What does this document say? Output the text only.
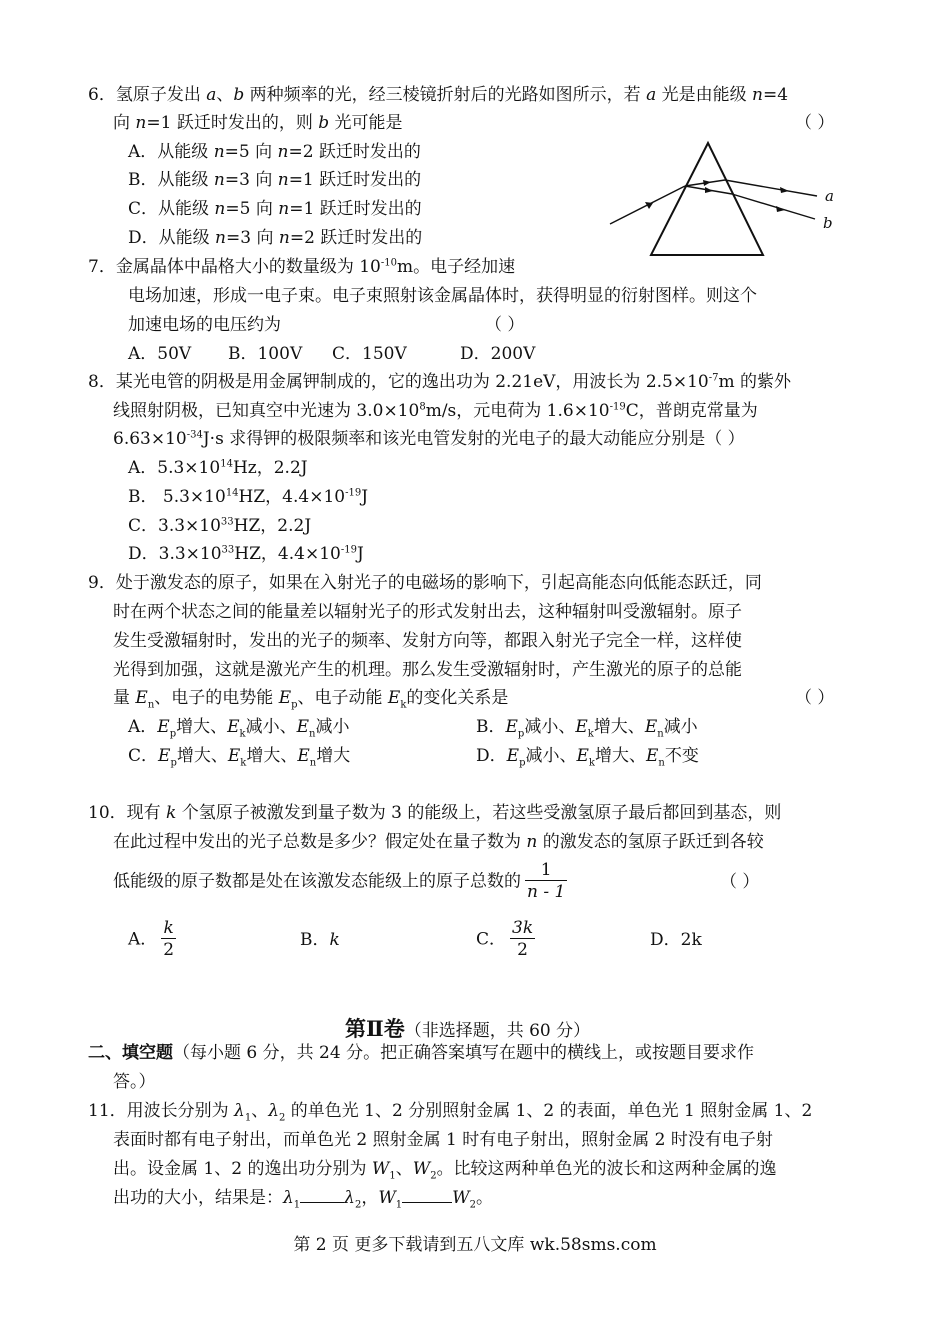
6．氢原子发出 a、b 两种频率的光，经三棱镜折射后的光路如图所示，若 a 光是由能级 n=4
向 n=1 跃迁时发出的，则 b 光可能是	（ ）
A．从能级 n=5 向 n=2 跃迁时发出的
B．从能级 n=3 向 n=1 跃迁时发出的
C．从能级 n=5 向 n=1 跃迁时发出的
D．从能级 n=3 向 n=2 跃迁时发出的
a
b
7．金属晶体中晶格大小的数量级为 $10^{-10}m$。电子经加速
电场加速，形成一电子束。电子束照射该金属晶体时，获得明显的衍射图样。则这个
加速电场的电压约为	（ ）
A．50V B．100V C．150V	D．200V
8．某光电管的阴极是用金属钾制成的，它的逸出功为 2.21eV，用波长为 $2.5\times 10^{-7}m$ 的紫外
线照射阴极，已知真空中光速为 $3.0\times 10^8m/s$，元电荷为 $1.6\times 10^{-19}C$，普朗克常量为
$6.63\times 10^{-34}J\cdot s$ 求得钾的极限频率和该光电管发射的光电子的最大动能应分别是（ ）
A．$5.3\times 10^{14}Hz$，2.2J
B． $5.3\times 10^{14}HZ$，$4.4\times 10^{-19}J$
C．$3.3\times 10^{33}HZ$，2.2J
D．$3.3\times 10^{33}HZ$，$4.4\times 10^{-19}J$
9．处于激发态的原子，如果在入射光子的电磁场的影响下，引起高能态向低能态跃迁，同
时在两个状态之间的能量差以辐射光子的形式发射出去，这种辐射叫受激辐射。原子
发生受激辐射时，发出的光子的频率、发射方向等，都跟入射光子完全一样，这样使
光得到加强，这就是激光产生的机理。那么发生受激辐射时，产生激光的原子的总能
量 $E_n$、电子的电势能 $E_p$、电子动能 $E_k$的变化关系是	（ ）
A．$E_p$增大、$E_k$减小、$E_n$减小	B．$E_p$减小、$E_k$增大、$E_n$减小
C．$E_p$增大、$E_k$增大、$E_n$增大	D．$E_p$减小、$E_k$增大、$E_n$不变
10．现有 k 个氢原子被激发到量子数为 3 的能级上，若这些受激氢原子最后都回到基态，则
在此过程中发出的光子总数是多少？假定处在量子数为 n 的激发态的氢原子跃迁到各较
低能级的原子数都是处在该激发态能级上的原子总数的 $\frac{1}{n - 1}$	（ ）
A． $\frac{k}{2}$	B．k	C． $\frac{3k}{2}$	D．2k
第Ⅱ卷（非选择题，共 60 分）
二、填空题（每小题 6 分，共 24 分。把正确答案填写在题中的横线上，或按题目要求作
答。）
11．用波长分别为 $\lambda_1$、$\lambda_2$ 的单色光 1、2 分别照射金属 1、2 的表面，单色光 1 照射金属 1、2
表面时都有电子射出，而单色光 2 照射金属 1 时有电子射出，照射金属 2 时没有电子射
出。设金属 1、2 的逸出功分别为 $W_1$、$W_2$。比较这两种单色光的波长和这两种金属的逸
出功的大小，结果是：$\lambda_1$	$\lambda_2$，$W_1$	$W_2$。
第 2 页 更多下载请到五八文库 wk.58sms.com
